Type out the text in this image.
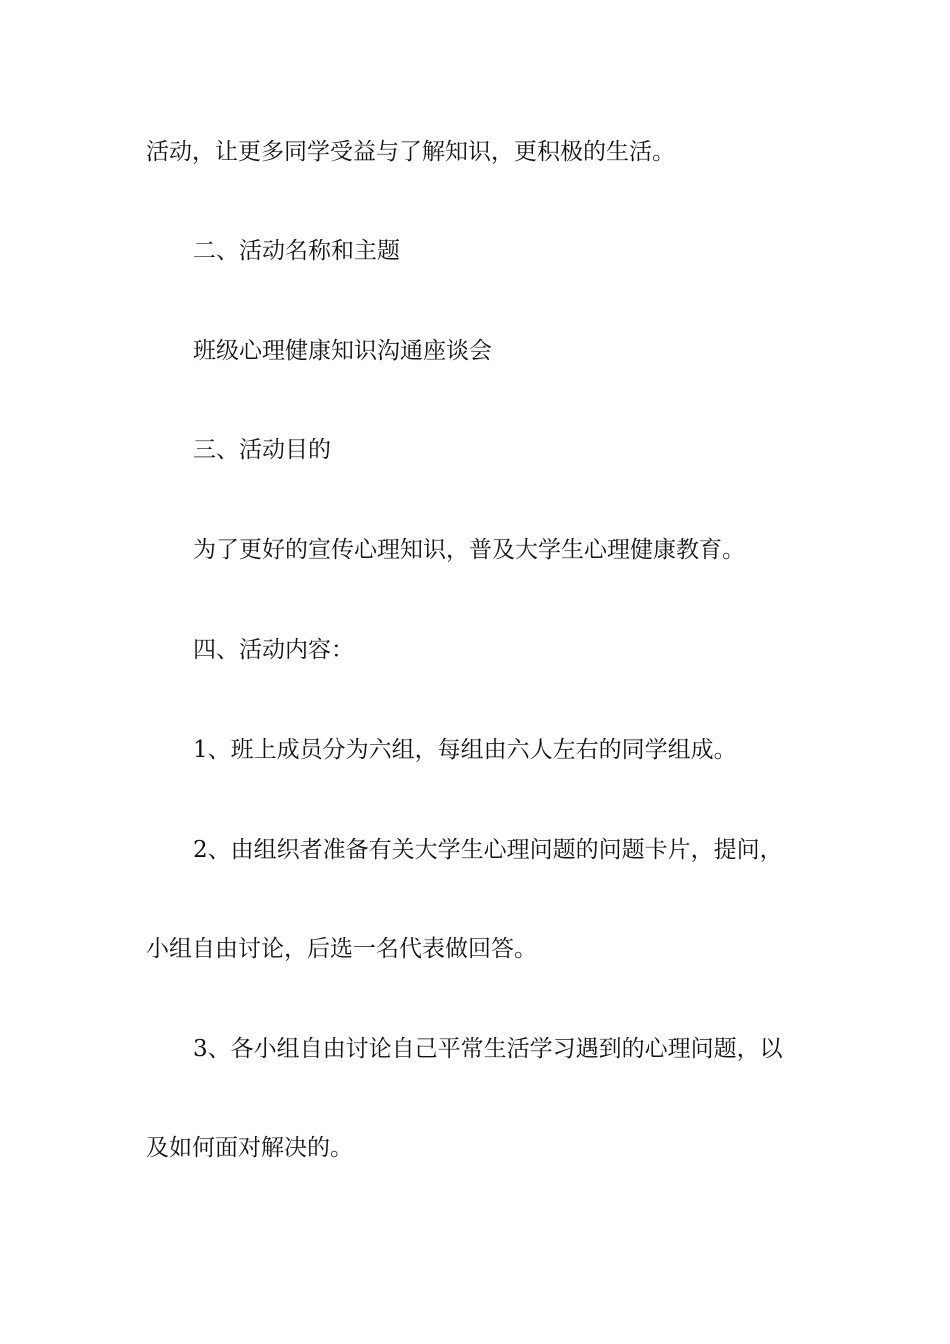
活动，让更多同学受益与了解知识，更积极的生活。
二、活动名称和主题
班级心理健康知识沟通座谈会
三、活动目的
为了更好的宣传心理知识，普及大学生心理健康教育。
四、活动内容：
1、班上成员分为六组，每组由六人左右的同学组成。
2、由组织者准备有关大学生心理问题的问题卡片，提问，
小组自由讨论，后选一名代表做回答。
3、各小组自由讨论自己平常生活学习遇到的心理问题，以
及如何面对解决的。
